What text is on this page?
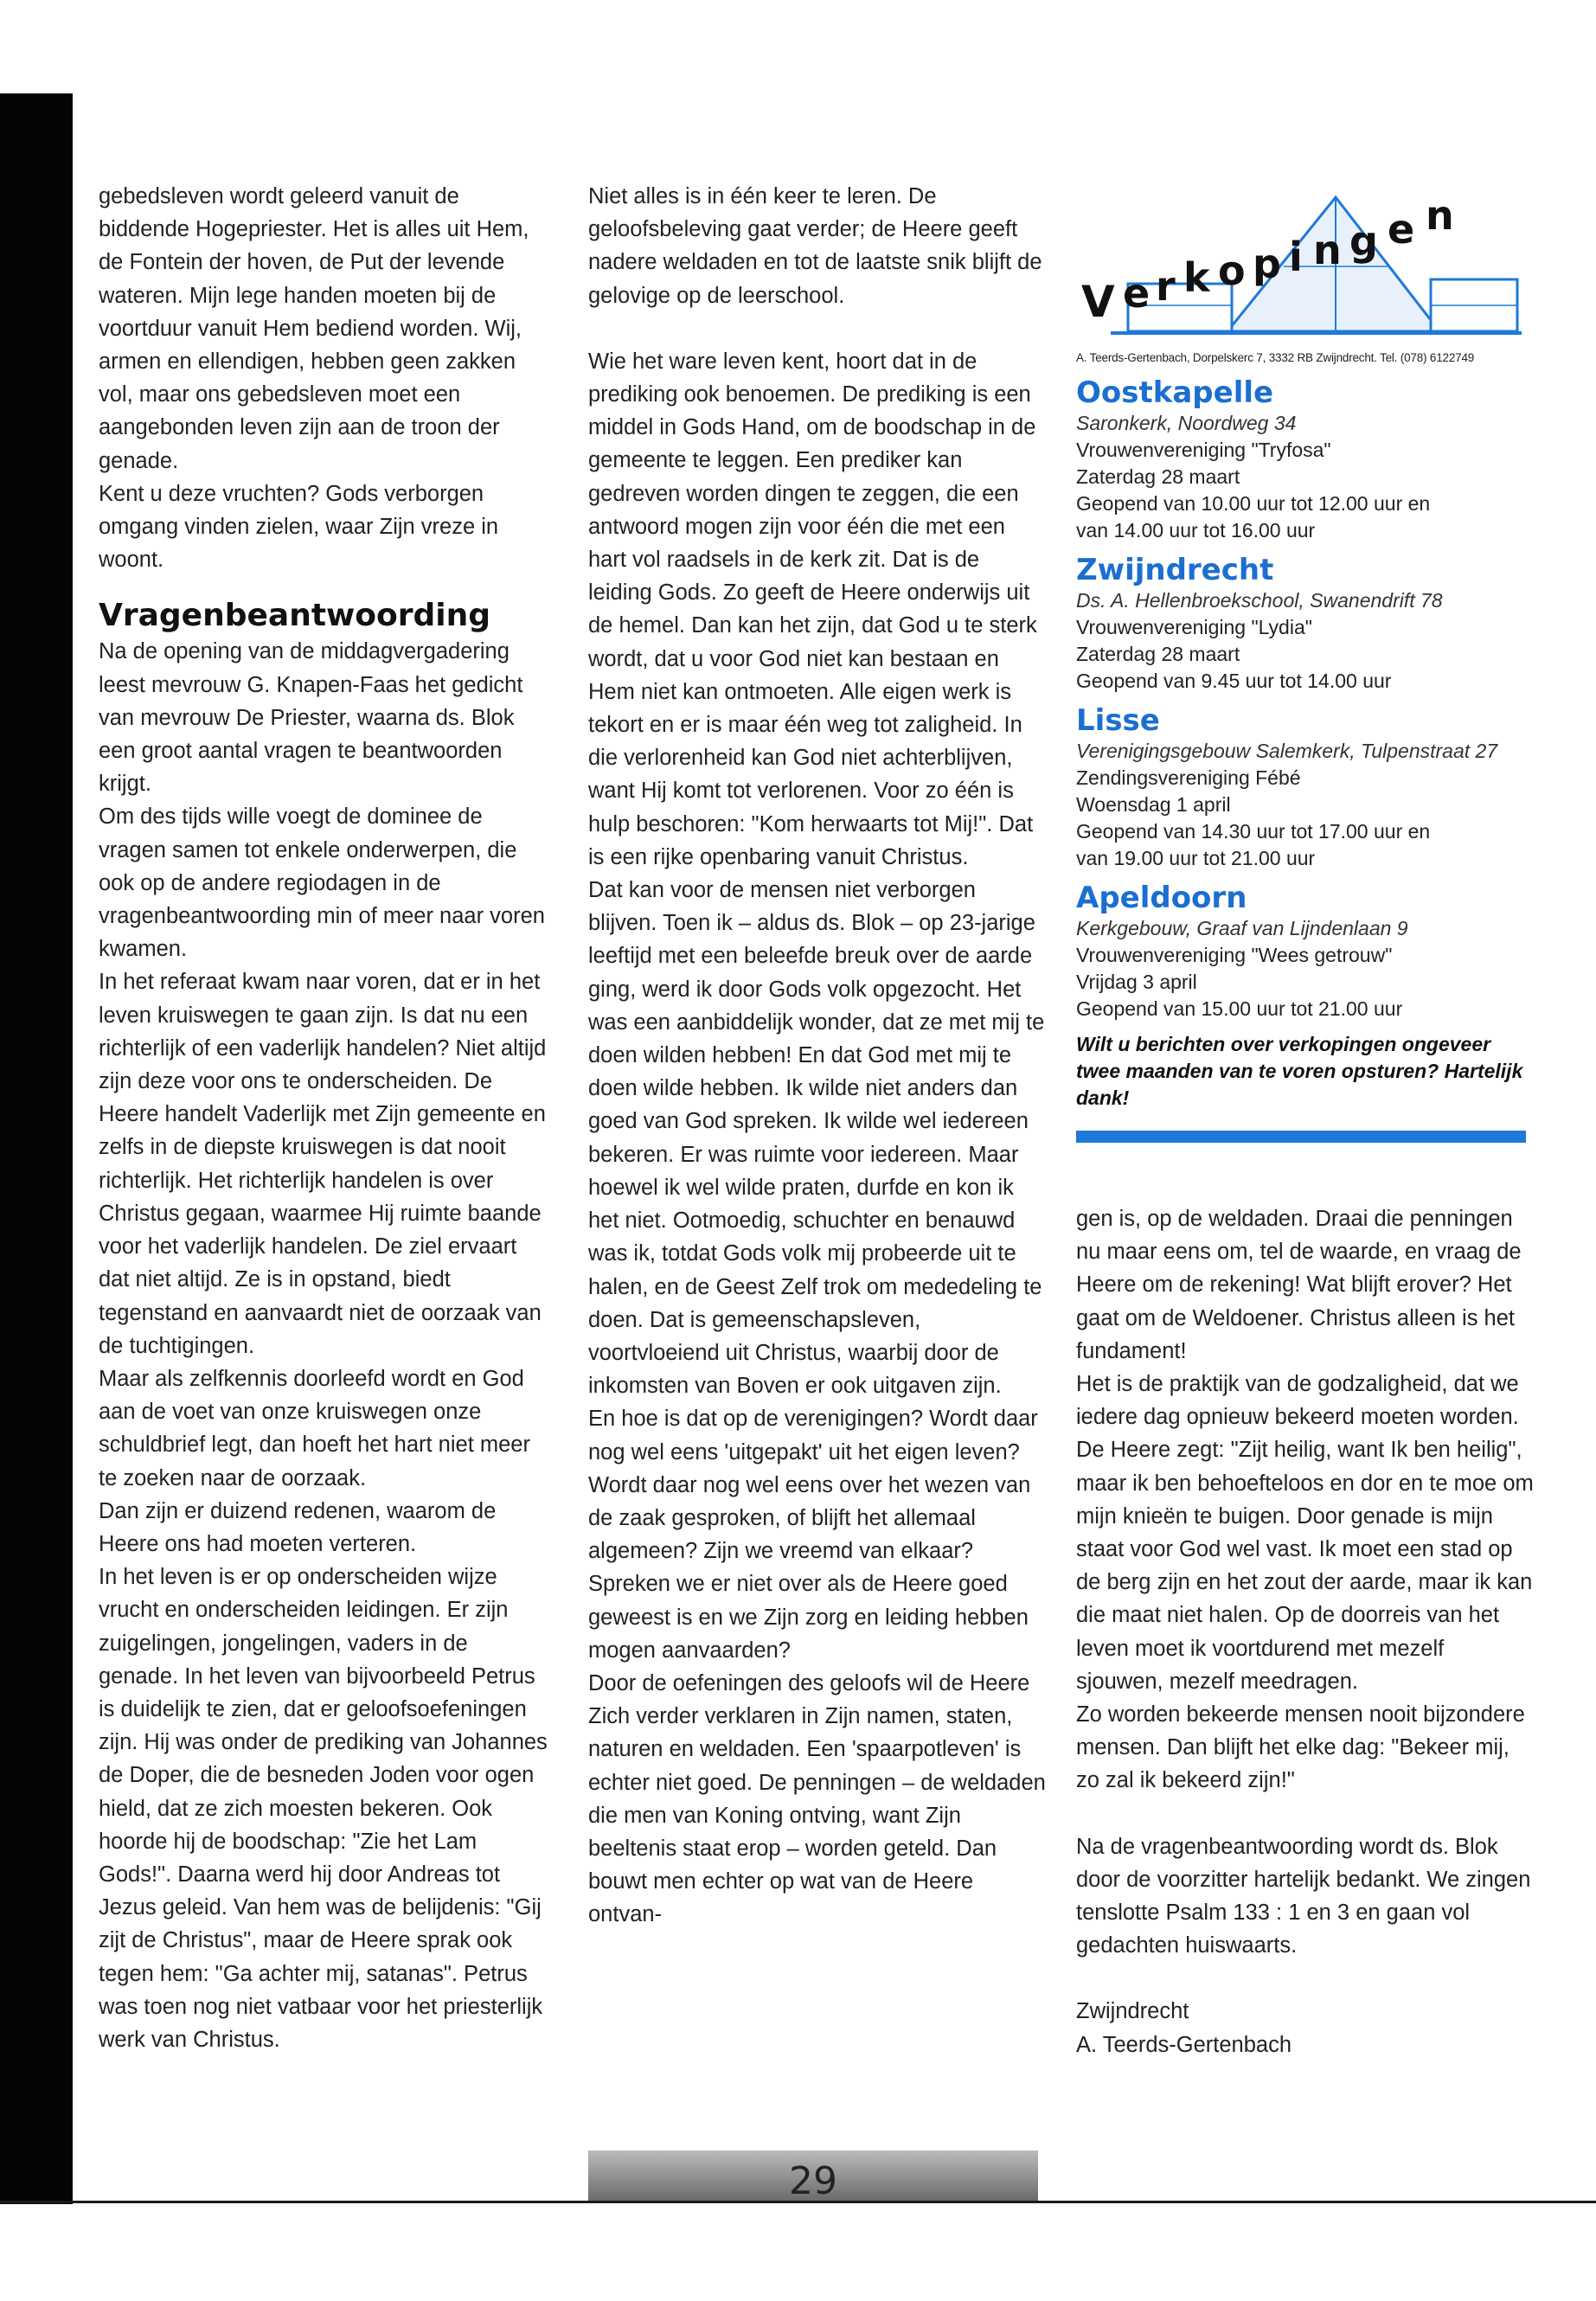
gebedsleven wordt geleerd vanuit de biddende Hogepriester. Het is alles uit Hem, de Fontein der hoven, de Put der levende wateren. Mijn lege handen moeten bij de voortduur vanuit Hem bediend worden. Wij, armen en ellendigen, hebben geen zakken vol, maar ons gebedsleven moet een aangebonden leven zijn aan de troon der genade.

Kent u deze vruchten? Gods verborgen omgang vinden zielen, waar Zijn vreze in woont.

Vragenbeantwoording

Na de opening van de middagvergadering leest mevrouw G. Knapen-Faas het gedicht van mevrouw De Priester, waarna ds. Blok een groot aantal vragen te beantwoorden krijgt.

Om des tijds wille voegt de dominee de vragen samen tot enkele onderwerpen, die ook op de andere regiodagen in de vragenbeantwoording min of meer naar voren kwamen.

In het referaat kwam naar voren, dat er in het leven kruiswegen te gaan zijn. Is dat nu een richterlijk of een vaderlijk handelen? Niet altijd zijn deze voor ons te onderscheiden. De Heere handelt Vaderlijk met Zijn gemeente en zelfs in de diepste kruiswegen is dat nooit richterlijk. Het richterlijk handelen is over Christus gegaan, waarmee Hij ruimte baande voor het vaderlijk handelen. De ziel ervaart dat niet altijd. Ze is in opstand, biedt tegenstand en aanvaardt niet de oorzaak van de tuchtigingen.

Maar als zelfkennis doorleefd wordt en God aan de voet van onze kruiswegen onze schuldbrief legt, dan hoeft het hart niet meer te zoeken naar de oorzaak.

Dan zijn er duizend redenen, waarom de Heere ons had moeten verteren.

In het leven is er op onderscheiden wijze vrucht en onderscheiden leidingen. Er zijn zuigelingen, jongelingen, vaders in de genade. In het leven van bijvoorbeeld Petrus is duidelijk te zien, dat er geloofsoefeningen zijn. Hij was onder de prediking van Johannes de Doper, die de besneden Joden voor ogen hield, dat ze zich moesten bekeren. Ook hoorde hij de boodschap: "Zie het Lam Gods!". Daarna werd hij door Andreas tot Jezus geleid. Van hem was de belijdenis: "Gij zijt de Christus", maar de Heere sprak ook tegen hem: "Ga achter mij, satanas". Petrus was toen nog niet vatbaar voor het priesterlijk werk van Christus.

Niet alles is in één keer te leren. De geloofsbeleving gaat verder; de Heere geeft nadere weldaden en tot de laatste snik blijft de gelovige op de leerschool.

Wie het ware leven kent, hoort dat in de prediking ook benoemen. De prediking is een middel in Gods Hand, om de boodschap in de gemeente te leggen. Een prediker kan gedreven worden dingen te zeggen, die een antwoord mogen zijn voor één die met een hart vol raadsels in de kerk zit. Dat is de leiding Gods. Zo geeft de Heere onderwijs uit de hemel. Dan kan het zijn, dat God u te sterk wordt, dat u voor God niet kan bestaan en Hem niet kan ontmoeten. Alle eigen werk is tekort en er is maar één weg tot zaligheid. In die verlorenheid kan God niet achterblijven, want Hij komt tot verlorenen. Voor zo één is hulp beschoren: "Kom herwaarts tot Mij!". Dat is een rijke openbaring vanuit Christus.

Dat kan voor de mensen niet verborgen blijven. Toen ik – aldus ds. Blok – op 23-jarige leeftijd met een beleefde breuk over de aarde ging, werd ik door Gods volk opgezocht. Het was een aanbiddelijk wonder, dat ze met mij te doen wilden hebben! En dat God met mij te doen wilde hebben. Ik wilde niet anders dan goed van God spreken. Ik wilde wel iedereen bekeren. Er was ruimte voor iedereen. Maar hoewel ik wel wilde praten, durfde en kon ik het niet. Ootmoedig, schuchter en benauwd was ik, totdat Gods volk mij probeerde uit te halen, en de Geest Zelf trok om mededeling te doen. Dat is gemeenschapsleven, voortvloeiend uit Christus, waarbij door de inkomsten van Boven er ook uitgaven zijn.

En hoe is dat op de verenigingen? Wordt daar nog wel eens 'uitgepakt' uit het eigen leven? Wordt daar nog wel eens over het wezen van de zaak gesproken, of blijft het allemaal algemeen? Zijn we vreemd van elkaar? Spreken we er niet over als de Heere goed geweest is en we Zijn zorg en leiding hebben mogen aanvaarden?

Door de oefeningen des geloofs wil de Heere Zich verder verklaren in Zijn namen, staten, naturen en weldaden. Een 'spaarpotleven' is echter niet goed. De penningen – de weldaden die men van Koning ontving, want Zijn beeltenis staat erop – worden geteld. Dan bouwt men echter op wat van de Heere ontvan-

V e r k o p i n g e n
A. Teerds-Gertenbach, Dorpelskerc 7, 3332 RB Zwijndrecht. Tel. (078) 6122749
Oostkapelle
Saronkerk, Noordweg 34
Vrouwenvereniging "Tryfosa"
Zaterdag 28 maart
Geopend van 10.00 uur tot 12.00 uur en
van 14.00 uur tot 16.00 uur
Zwijndrecht
Ds. A. Hellenbroekschool, Swanendrift 78
Vrouwenvereniging "Lydia"
Zaterdag 28 maart
Geopend van 9.45 uur tot 14.00 uur
Lisse
Verenigingsgebouw Salemkerk, Tulpenstraat 27
Zendingsvereniging Fébé
Woensdag 1 april
Geopend van 14.30 uur tot 17.00 uur en
van 19.00 uur tot 21.00 uur
Apeldoorn
Kerkgebouw, Graaf van Lijndenlaan 9
Vrouwenvereniging "Wees getrouw"
Vrijdag 3 april
Geopend van 15.00 uur tot 21.00 uur
Wilt u berichten over verkopingen ongeveer twee maanden van te voren opsturen? Hartelijk dank!

gen is, op de weldaden. Draai die penningen nu maar eens om, tel de waarde, en vraag de Heere om de rekening! Wat blijft erover? Het gaat om de Weldoener. Christus alleen is het fundament!

Het is de praktijk van de godzaligheid, dat we iedere dag opnieuw bekeerd moeten worden. De Heere zegt: "Zijt heilig, want Ik ben heilig", maar ik ben behoefteloos en dor en te moe om mijn knieën te buigen. Door genade is mijn staat voor God wel vast. Ik moet een stad op de berg zijn en het zout der aarde, maar ik kan die maat niet halen. Op de doorreis van het leven moet ik voortdurend met mezelf sjouwen, mezelf meedragen.

Zo worden bekeerde mensen nooit bijzondere mensen. Dan blijft het elke dag: "Bekeer mij, zo zal ik bekeerd zijn!"

Na de vragenbeantwoording wordt ds. Blok door de voorzitter hartelijk bedankt. We zingen tenslotte Psalm 133 : 1 en 3 en gaan vol gedachten huiswaarts.

Zwijndrecht

A. Teerds-Gertenbach

29
